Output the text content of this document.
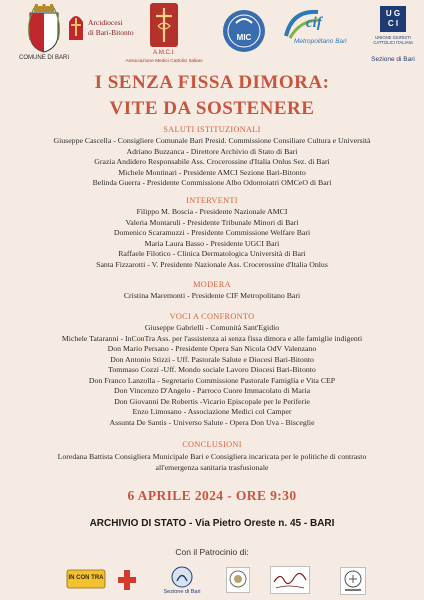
COMUNE DI BARI
Arcidiocesi
di Bari-Bitonto
A.M.C.I.
Associazione Medici Cattolici Italiani
MIC
cif
Metropolitano Bari
U G
C I
UNIONE GIURISTI CATTOLICI ITALIANI
Sezione di Bari
I SENZA FISSA DIMORA:
VITE DA SOSTENERE
SALUTI ISTITUZIONALI
Giuseppe Cascella - Consigliere Comunale Bari Presid. Commissione Consiliare Cultura e Università
Adriano Buzzanca - Direttore Archivio di Stato di Bari
Grazia Andidero Responsabile Ass. Crocerossine d'Italia Onlus Sez. di Bari
Michele Montinari - Presidente AMCI Sezione Bari-Bitonto
Belinda Guerra - Presidente Commissione Albo Odontoiatri OMCeO di Bari
INTERVENTI
Filippo M. Boscia - Presidente Nazionale AMCI
Valeria Montaruli - Presidente Tribunale Minori di Bari
Domenico Scaramuzzi - Presidente Commissione Welfare Bari
Maria Laura Basso - Presidente UGCI Bari
Raffaele Filotico - Clinica Dermatologica Università di Bari
Santa Fizzarotti - V. Presidente Nazionale Ass. Crocerossine d'Italia Onlus
MODERA
Cristina Maremonti - Presidente CIF Metropolitano Bari
VOCI A CONFRONTO
Giuseppe Gabrielli - Comunità Sant'Egidio
Michele Tataranni - InConTra Ass. per l'assistenza ai senza fissa dimora e alle famiglie indigenti
Don Mario Persano - Presidente Opera San Nicola OdV Valenzano
Don Antonio Stizzi - Uff. Pastorale Salute e Diocesi Bari-Bitonto
Tommaso Cozzi -Uff. Mondo sociale Lavoro Diocesi Bari-Bitonto
Don Franco Lanzolla - Segretario Commissione Pastorale Famiglia e Vita CEP
Don Vincenzo D'Angelo - Parroco Cuore Immacolato di Maria
Don Giovanni De Robertis -Vicario Episcopale per le Periferie
Enzo Limosano - Associazione Medici col Camper
Assunta De Santis - Universo Salute - Opera Don Uva - Bisceglie
CONCLUSIONI
Loredana Battista Consigliera Municipale Bari e Consigliera incaricata per le politiche di contrasto
all'emergenza sanitaria trasfusionale
6 APRILE 2024 - ORE 9:30
ARCHIVIO DI STATO - Via Pietro Oreste n. 45 - BARI
Con il Patrocinio di:
IN CON TRA
Sezione di Bari
